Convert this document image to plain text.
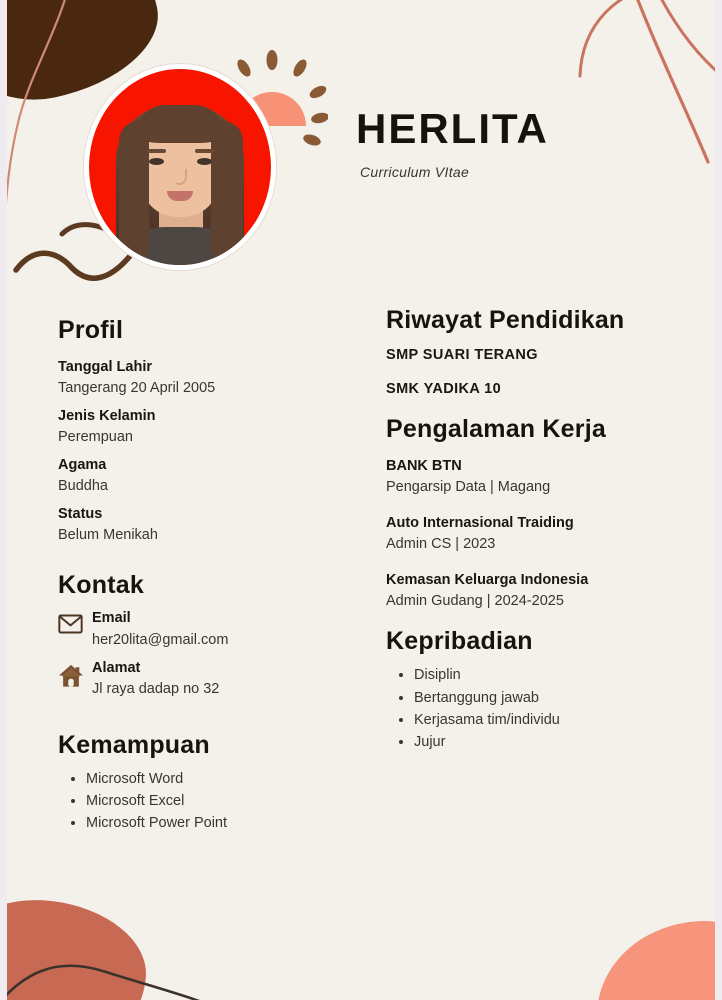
HERLITA
Curriculum VItae
Profil

Tanggal Lahir

Tangerang 20 April 2005

Jenis Kelamin

Perempuan

Agama

Buddha

Status

Belum Menikah

Kontak

Email

her20lita@gmail.com

Alamat

Jl raya dadap no 32

Kemampuan
• Microsoft Word
• Microsoft Excel
• Microsoft Power Point
Riwayat Pendidikan

SMP SUARI TERANG

SMK YADIKA 10

Pengalaman Kerja

BANK BTN

Pengarsip Data | Magang

Auto Internasional Traiding

Admin CS | 2023

Kemasan Keluarga Indonesia

Admin Gudang | 2024-2025

Kepribadian
• Disiplin
• Bertanggung jawab
• Kerjasama tim/individu
• Jujur
